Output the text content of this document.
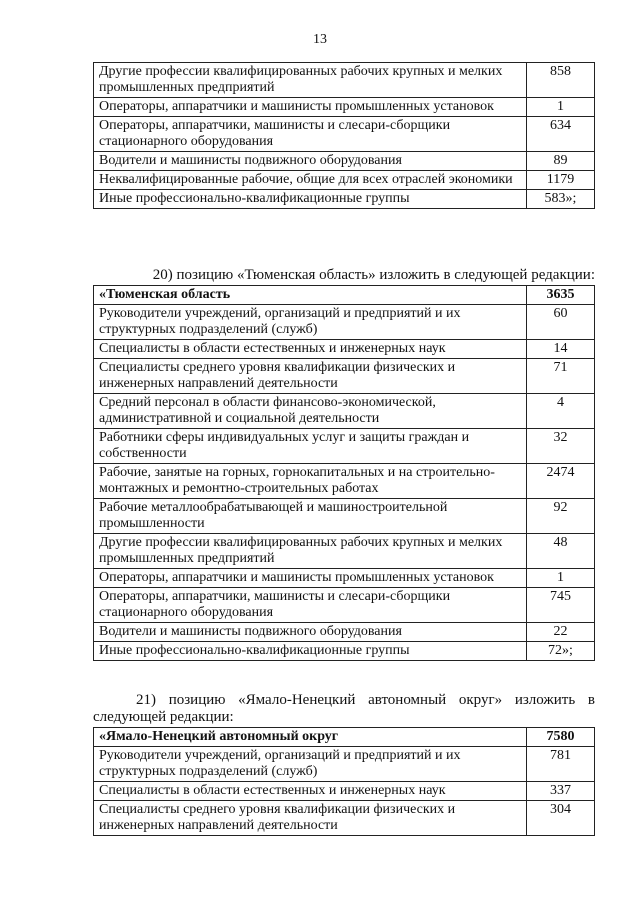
13
Другие профессии квалифицированных рабочих крупных и мелких промышленных предприятий	858
Операторы, аппаратчики и машинисты промышленных установок	1
Операторы, аппаратчики, машинисты и слесари-сборщики стационарного оборудования	634
Водители и машинисты подвижного оборудования	89
Неквалифицированные рабочие, общие для всех отраслей экономики	1179
Иные профессионально-квалификационные группы	583»;
20) позицию «Тюменская область» изложить в следующей редакции:
«Тюменская область	3635
Руководители учреждений, организаций и предприятий и их структурных подразделений (служб)	60
Специалисты в области естественных и инженерных наук	14
Специалисты среднего уровня квалификации физических и инженерных направлений деятельности	71
Средний персонал в области финансово-экономической, административной и социальной деятельности	4
Работники сферы индивидуальных услуг и защиты граждан и собственности	32
Рабочие, занятые на горных, горнокапитальных и на строительно-монтажных и ремонтно-строительных работах	2474
Рабочие металлообрабатывающей и машиностроительной промышленности	92
Другие профессии квалифицированных рабочих крупных и мелких промышленных предприятий	48
Операторы, аппаратчики и машинисты промышленных установок	1
Операторы, аппаратчики, машинисты и слесари-сборщики стационарного оборудования	745
Водители и машинисты подвижного оборудования	22
Иные профессионально-квалификационные группы	72»;
21) позицию «Ямало-Ненецкий автономный округ» изложить в следующей редакции:
«Ямало-Ненецкий автономный округ	7580
Руководители учреждений, организаций и предприятий и их структурных подразделений (служб)	781
Специалисты в области естественных и инженерных наук	337
Специалисты среднего уровня квалификации физических и инженерных направлений деятельности	304
